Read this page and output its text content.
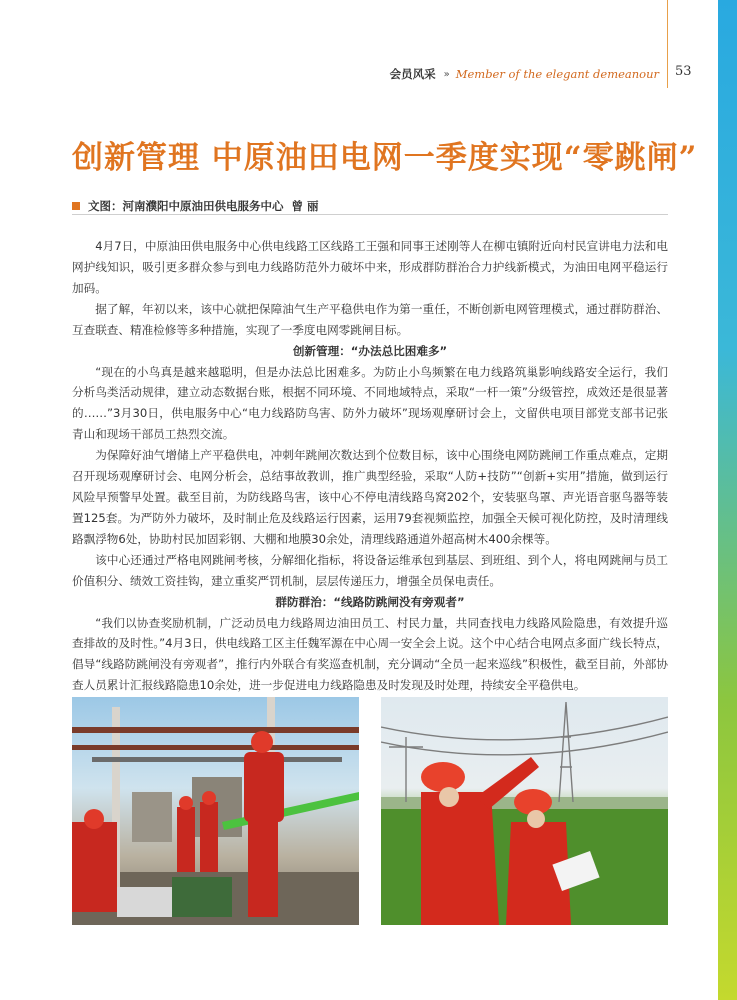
会员风采 » Member of the elegant demeanour 53
创新管理 中原油田电网一季度实现“零跳闸”
文图：河南濮阳中原油田供电服务中心 曾 丽

4月7日，中原油田供电服务中心供电线路工区线路工王强和同事王述刚等人在柳屯镇附近向村民宣讲电力法和电网护线知识，吸引更多群众参与到电力线路防范外力破坏中来，形成群防群治合力护线新模式，为油田电网平稳运行加码。

据了解，年初以来，该中心就把保障油气生产平稳供电作为第一重任，不断创新电网管理模式，通过群防群治、互查联查、精准检修等多种措施，实现了一季度电网零跳闸目标。

创新管理：“办法总比困难多”

“现在的小鸟真是越来越聪明，但是办法总比困难多。为防止小鸟频繁在电力线路筑巢影响线路安全运行，我们分析鸟类活动规律，建立动态数据台账，根据不同环境、不同地域特点，采取“一杆一策”分级管控，成效还是很显著的……”3月30日，供电服务中心“电力线路防鸟害、防外力破坏”现场观摩研讨会上，文留供电项目部党支部书记张青山和现场干部员工热烈交流。

为保障好油气增储上产平稳供电，冲刺年跳闸次数达到个位数目标，该中心围绕电网防跳闸工作重点难点，定期召开现场观摩研讨会、电网分析会，总结事故教训，推广典型经验，采取“人防+技防”“创新+实用”措施，做到运行风险早预警早处置。截至目前，为防线路鸟害，该中心不停电清线路鸟窝202个，安装驱鸟罩、声光语音驱鸟器等装置125套。为严防外力破坏，及时制止危及线路运行因素，运用79套视频监控，加强全天候可视化防控，及时清理线路飘浮物6处，协助村民加固彩钢、大棚和地膜30余处，清理线路通道外超高树木400余棵等。

该中心还通过严格电网跳闸考核，分解细化指标，将设备运维承包到基层、到班组、到个人，将电网跳闸与员工价值积分、绩效工资挂钩，建立重奖严罚机制，层层传递压力，增强全员保电责任。

群防群治：“线路防跳闸没有旁观者”

“我们以协查奖励机制，广泛动员电力线路周边油田员工、村民力量，共同查找电力线路风险隐患，有效提升巡查排故的及时性。”4月3日，供电线路工区主任魏军源在中心周一安全会上说。这个中心结合电网点多面广线长特点，倡导“线路防跳闸没有旁观者”，推行内外联合有奖巡查机制，充分调动“全员一起来巡线”积极性，截至目前，外部协查人员累计汇报线路隐患10余处，进一步促进电力线路隐患及时发现及时处理，持续安全平稳供电。
